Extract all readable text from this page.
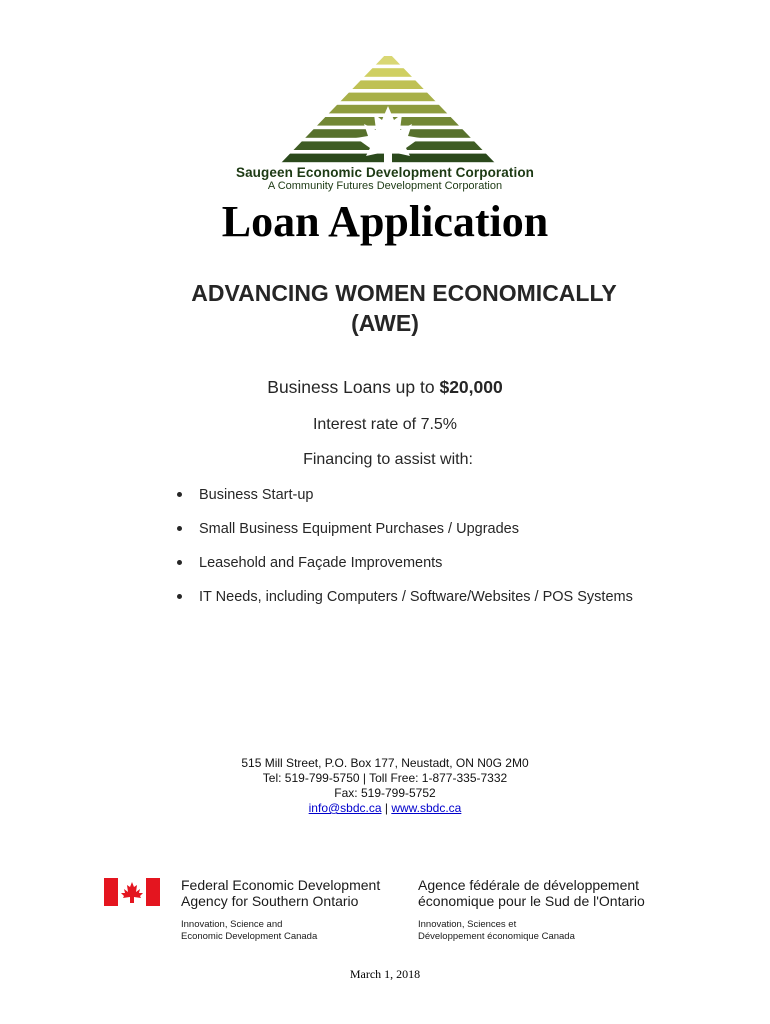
Saugeen Economic Development Corporation
A Community Futures Development Corporation
Loan Application
ADVANCING WOMEN ECONOMICALLY
(AWE)
Business Loans up to $20,000
Interest rate of 7.5%
Financing to assist with:
Business Start-up
Small Business Equipment Purchases / Upgrades
Leasehold and Façade Improvements
IT Needs, including Computers / Software/Websites / POS Systems
515 Mill Street, P.O. Box 177, Neustadt, ON N0G 2M0
Tel: 519-799-5750 | Toll Free: 1-877-335-7332
Fax: 519-799-5752
info@sbdc.ca | www.sbdc.ca
Federal Economic Development
Agency for Southern Ontario
Agence fédérale de développement
économique pour le Sud de l'Ontario
Innovation, Science and
Economic Development Canada
Innovation, Sciences et
Développement économique Canada
March 1, 2018
